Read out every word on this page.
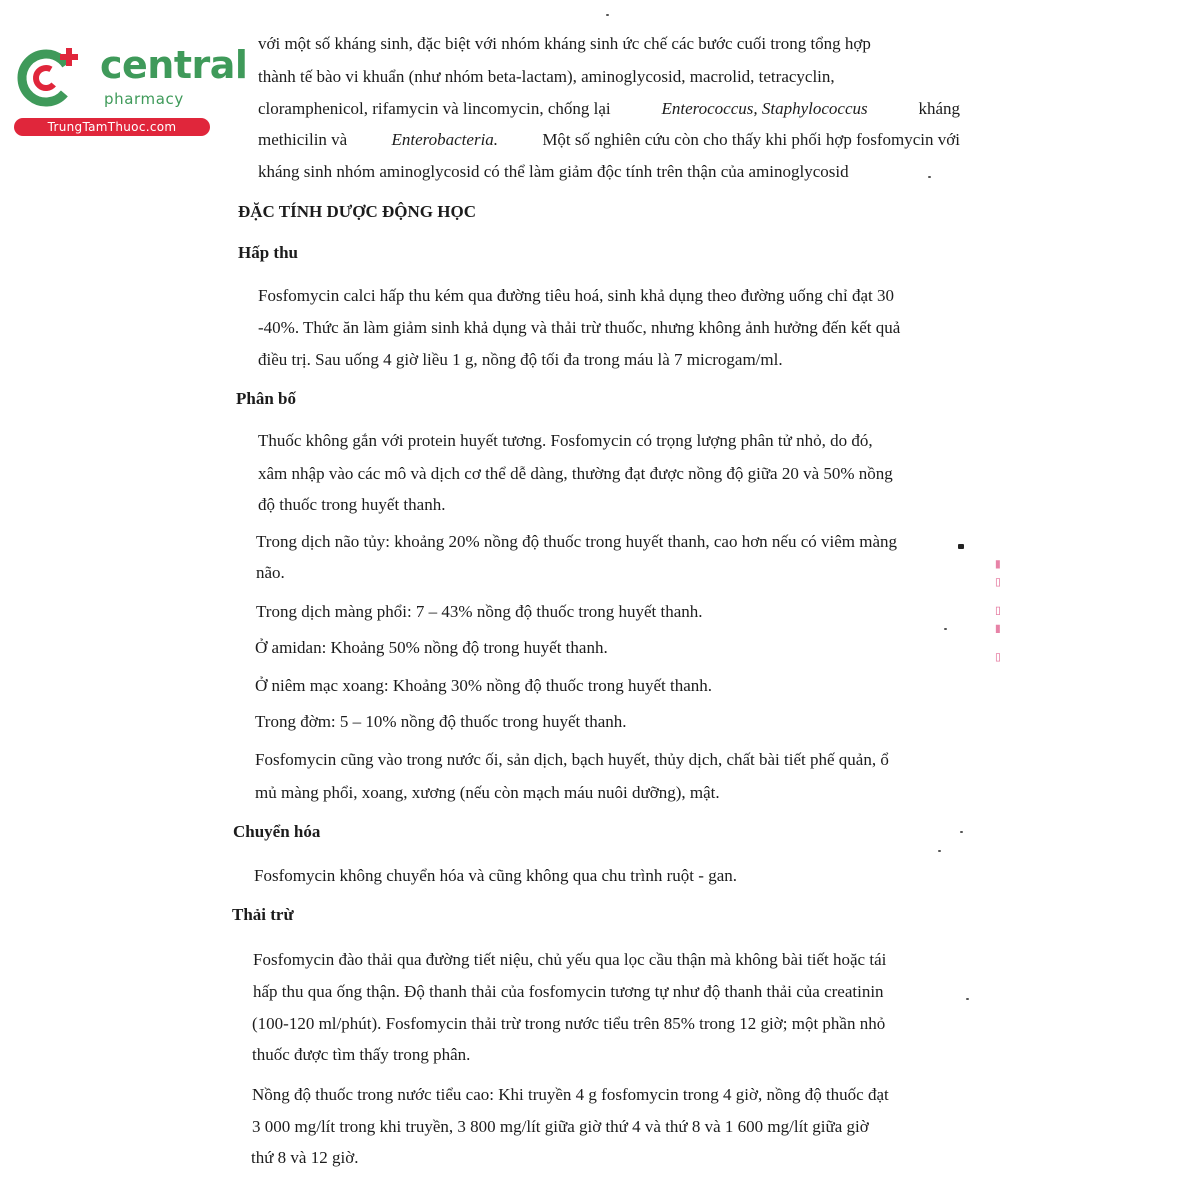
central
pharmacy
TrungTamThuoc.com
với một số kháng sinh, đặc biệt với nhóm kháng sinh ức chế các bước cuối trong tổng hợp
thành tế bào vi khuẩn (như nhóm beta-lactam), aminoglycosid, macrolid, tetracyclin,
cloramphenicol, rifamycin và lincomycin, chống lại	Enterococcus, Staphylococcus	kháng
methicilin và	Enterobacteria.	Một số nghiên cứu còn cho thấy khi phối hợp fosfomycin với
kháng sinh nhóm aminoglycosid có thể làm giảm độc tính trên thận của aminoglycosid
ĐẶC TÍNH DƯỢC ĐỘNG HỌC
Hấp thu
Fosfomycin calci hấp thu kém qua đường tiêu hoá, sinh khả dụng theo đường uống chỉ đạt 30
-40%. Thức ăn làm giảm sinh khả dụng và thải trừ thuốc, nhưng không ảnh hưởng đến kết quả
điều trị. Sau uống 4 giờ liều 1 g, nồng độ tối đa trong máu là 7 microgam/ml.
Phân bố
Thuốc không gắn với protein huyết tương. Fosfomycin có trọng lượng phân tử nhỏ, do đó,
xâm nhập vào các mô và dịch cơ thể dễ dàng, thường đạt được nồng độ giữa 20 và 50% nồng
độ thuốc trong huyết thanh.
Trong dịch não tủy: khoảng 20% nồng độ thuốc trong huyết thanh, cao hơn nếu có viêm màng
não.
Trong dịch màng phổi: 7 – 43% nồng độ thuốc trong huyết thanh.
Ở amidan: Khoảng 50% nồng độ trong huyết thanh.
Ở niêm mạc xoang: Khoảng 30% nồng độ thuốc trong huyết thanh.
Trong đờm: 5 – 10% nồng độ thuốc trong huyết thanh.
Fosfomycin cũng vào trong nước ối, sản dịch, bạch huyết, thủy dịch, chất bài tiết phế quản, ổ
mủ màng phổi, xoang, xương (nếu còn mạch máu nuôi dưỡng), mật.
Chuyển hóa
Fosfomycin không chuyển hóa và cũng không qua chu trình ruột - gan.
Thải trừ
Fosfomycin đào thải qua đường tiết niệu, chủ yếu qua lọc cầu thận mà không bài tiết hoặc tái
hấp thu qua ống thận. Độ thanh thải của fosfomycin tương tự như độ thanh thải của creatinin
(100-120 ml/phút). Fosfomycin thải trừ trong nước tiểu trên 85% trong 12 giờ; một phần nhỏ
thuốc được tìm thấy trong phân.
Nồng độ thuốc trong nước tiểu cao: Khi truyền 4 g fosfomycin trong 4 giờ, nồng độ thuốc đạt
3 000 mg/lít trong khi truyền, 3 800 mg/lít giữa giờ thứ 4 và thứ 8 và 1 600 mg/lít giữa giờ
thứ 8 và 12 giờ.
▮▯ ▯▮ ▯
